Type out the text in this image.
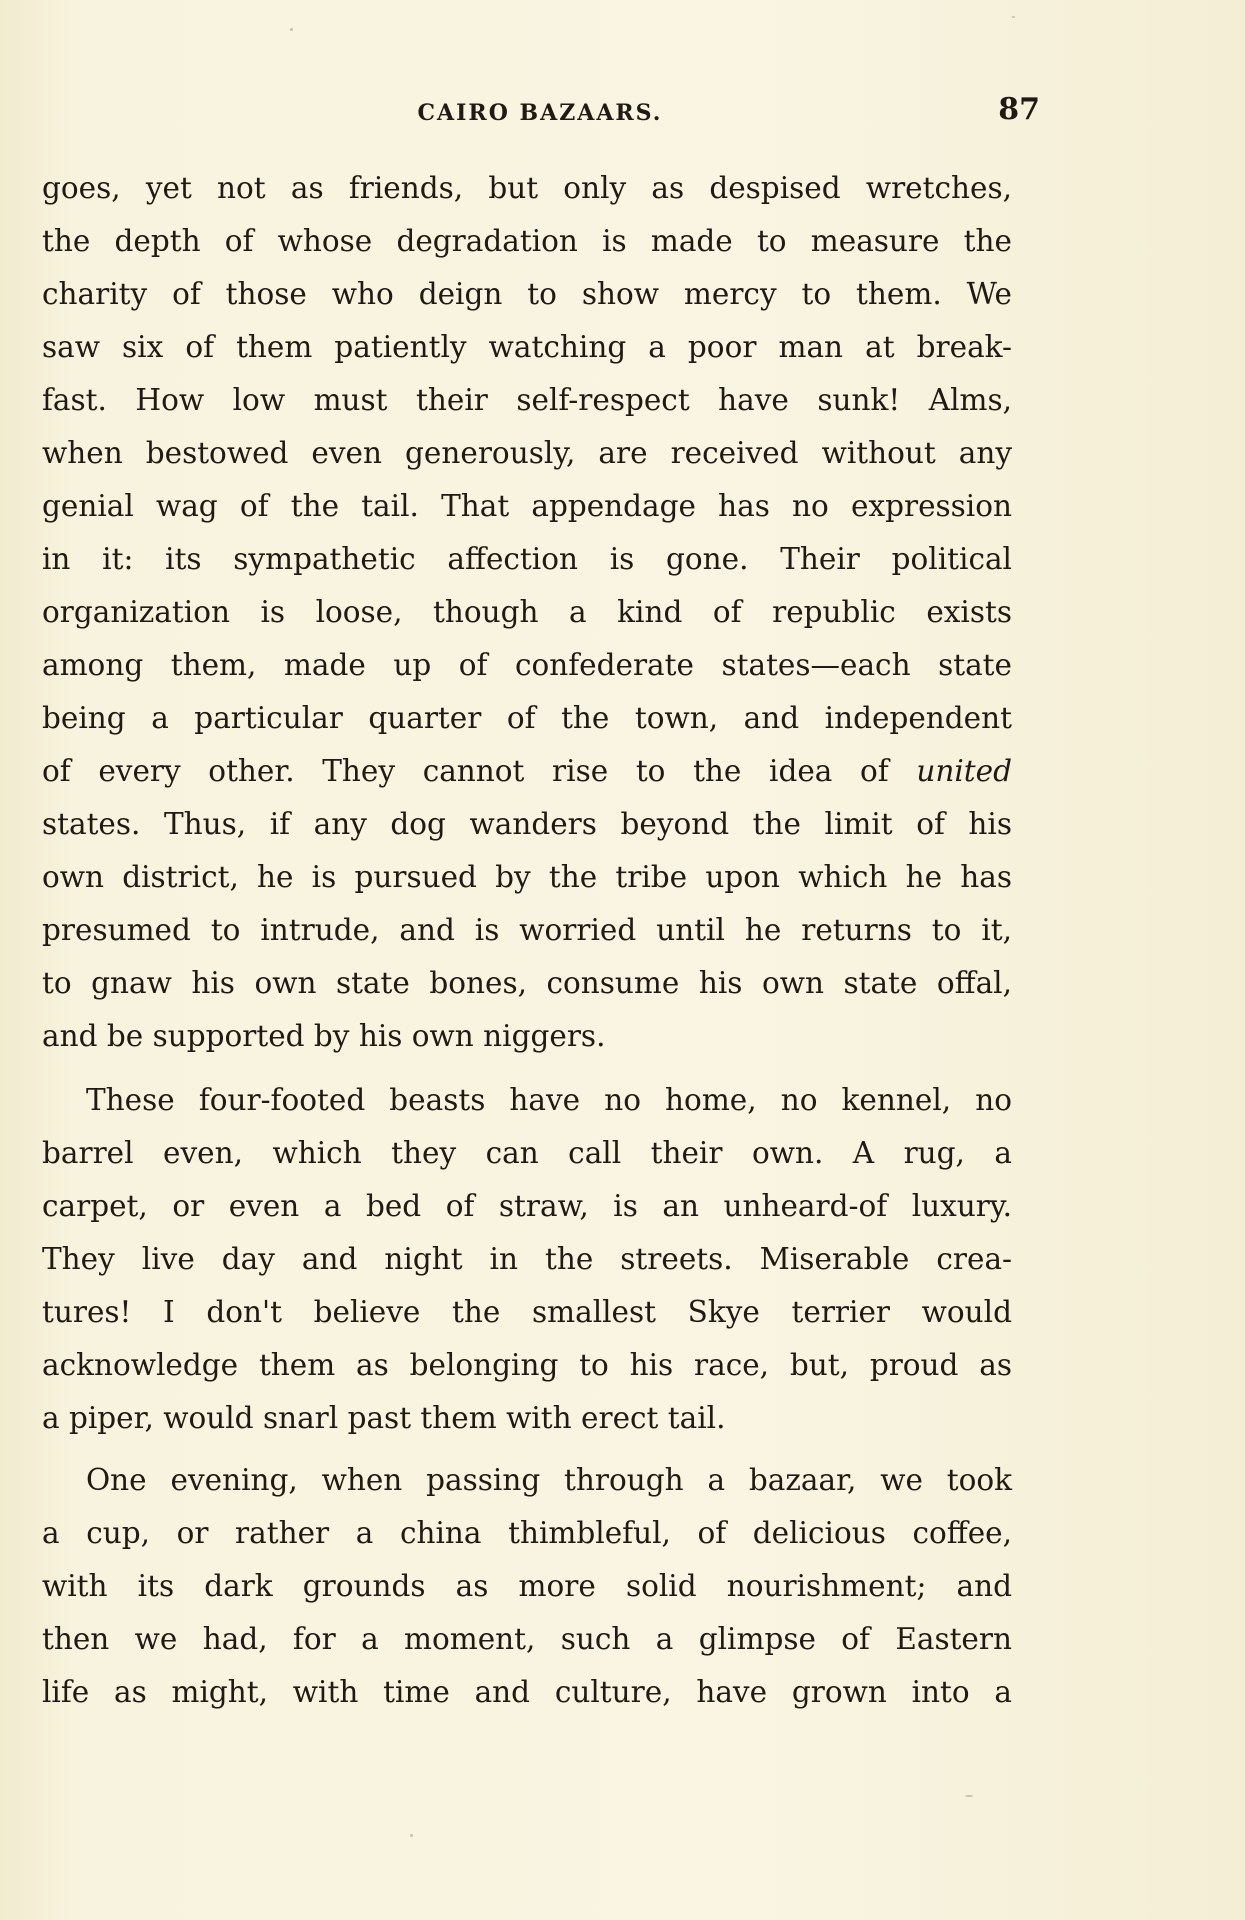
CAIRO BAZAARS.	87
goes, yet not as friends, but only as despised wretches,
the depth of whose degradation is made to measure the
charity of those who deign to show mercy to them. We
saw six of them patiently watching a poor man at break-
fast. How low must their self-respect have sunk! Alms,
when bestowed even generously, are received without any
genial wag of the tail. That appendage has no expression
in it: its sympathetic affection is gone. Their political
organization is loose, though a kind of republic exists
among them, made up of confederate states—each state
being a particular quarter of the town, and independent
of every other. They cannot rise to the idea of united
states. Thus, if any dog wanders beyond the limit of his
own district, he is pursued by the tribe upon which he has
presumed to intrude, and is worried until he returns to it,
to gnaw his own state bones, consume his own state offal,
and be supported by his own niggers.
These four-footed beasts have no home, no kennel, no
barrel even, which they can call their own. A rug, a
carpet, or even a bed of straw, is an unheard-of luxury.
They live day and night in the streets. Miserable crea-
tures! I don't believe the smallest Skye terrier would
acknowledge them as belonging to his race, but, proud as
a piper, would snarl past them with erect tail.
One evening, when passing through a bazaar, we took
a cup, or rather a china thimbleful, of delicious coffee,
with its dark grounds as more solid nourishment; and
then we had, for a moment, such a glimpse of Eastern
life as might, with time and culture, have grown into a
